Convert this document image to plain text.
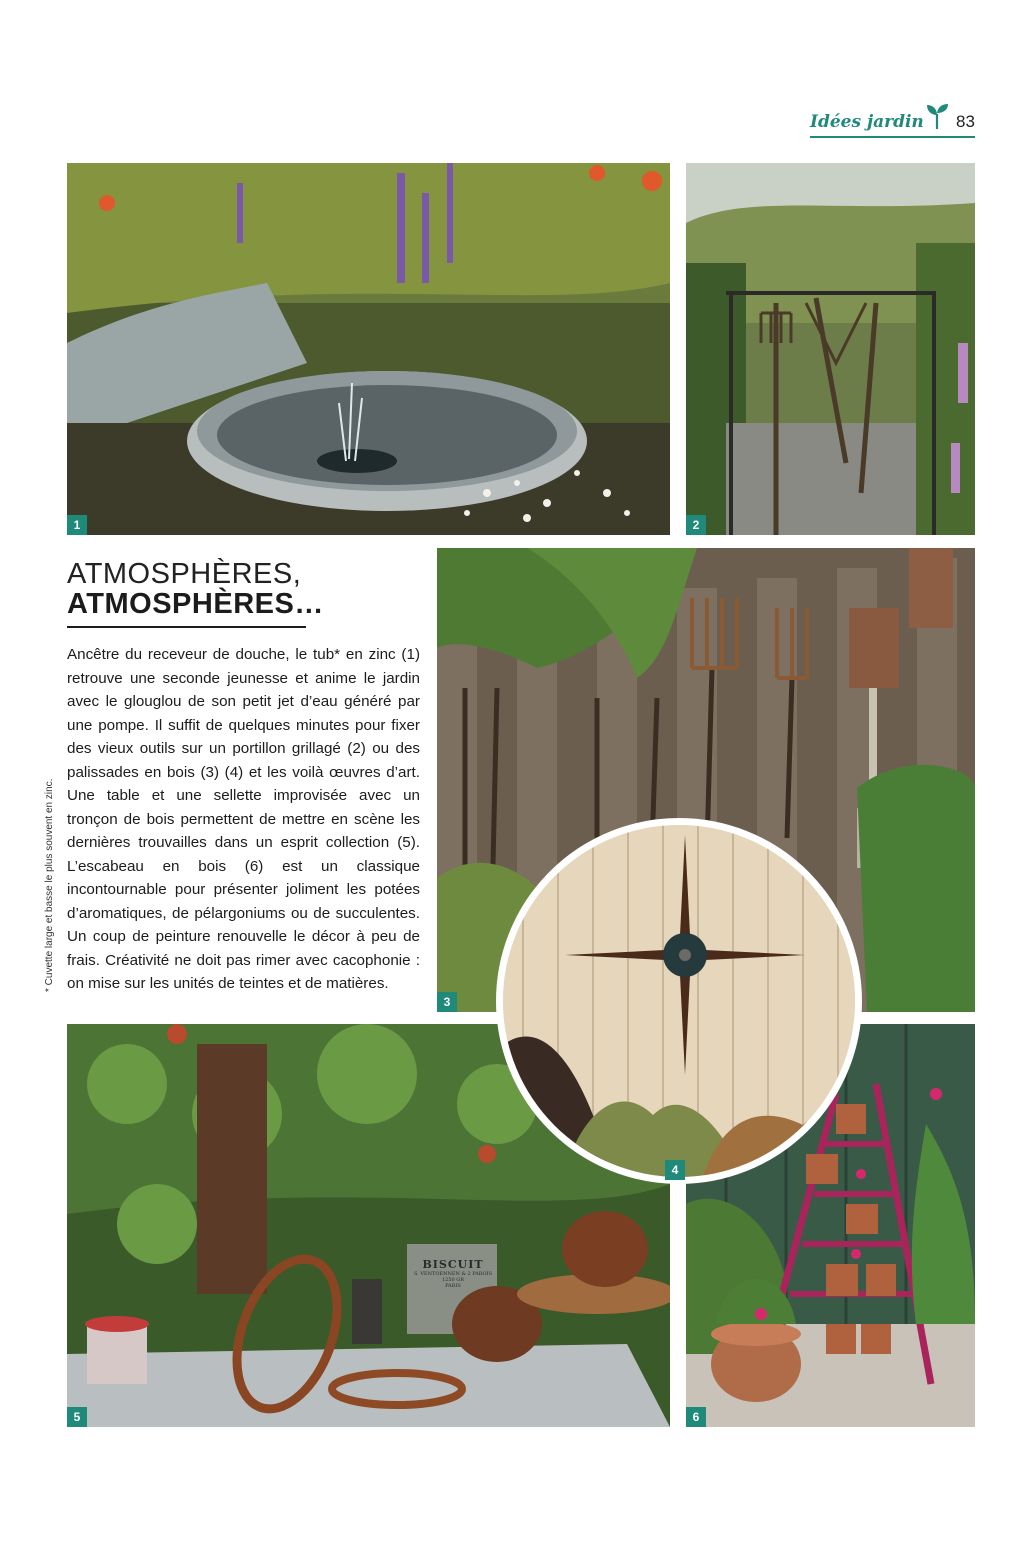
Idées jardin 83
1	2
ATMOSPHÈRES,
ATMOSPHÈRES…
Ancêtre du receveur de douche, le tub* en zinc (1) retrouve une seconde jeunesse et anime le jardin avec le glouglou de son petit jet d’eau généré par une pompe. Il suffit de quelques minutes pour fixer des vieux outils sur un portillon grillagé (2) ou des palissades en bois (3) (4) et les voilà œuvres d’art. Une table et une sellette improvisée avec un tronçon de bois permettent de mettre en scène les dernières trouvailles dans un esprit collection (5). L’escabeau en bois (6) est un classique incontournable pour présenter joliment les potées d’aromatiques, de pélargoniums ou de succulentes. Un coup de peinture renouvelle le décor à peu de frais. Créativité ne doit pas rimer avec cacophonie : on mise sur les unités de teintes et de matières.
* Cuvette large et basse le plus souvent en zinc.
3
BISCUIT
S. VENTOENNEN & 2 PAROIS
1250 GR
PARIS
5	6
4
